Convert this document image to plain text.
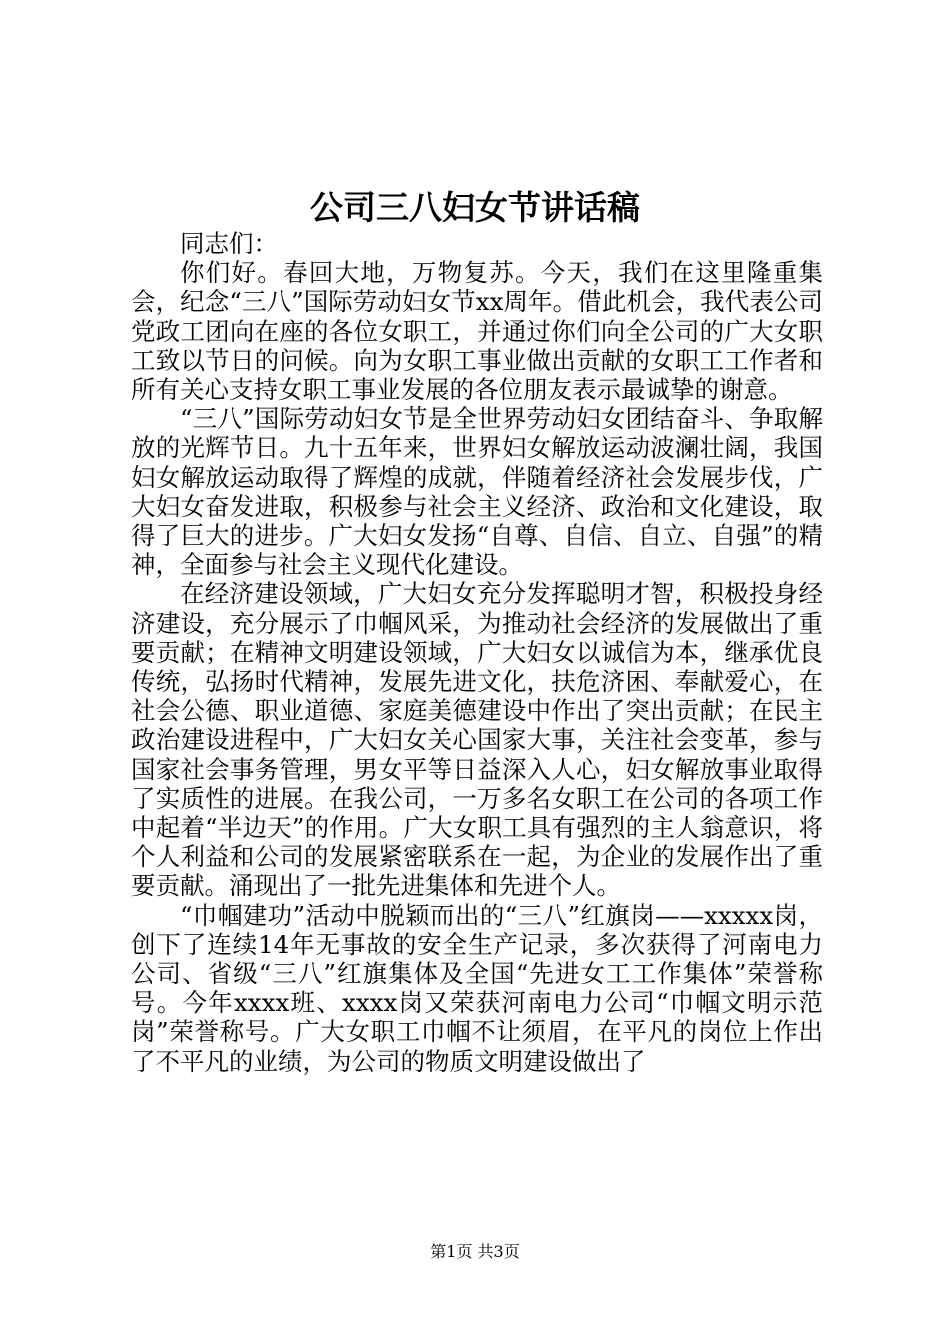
公司三八妇女节讲话稿

同志们：

你们好。春回大地，万物复苏。今天，我们在这里隆重集会，纪念“三八”国际劳动妇女节xx周年。借此机会，我代表公司党政工团向在座的各位女职工，并通过你们向全公司的广大女职工致以节日的问候。向为女职工事业做出贡献的女职工工作者和所有关心支持女职工事业发展的各位朋友表示最诚挚的谢意。

“三八”国际劳动妇女节是全世界劳动妇女团结奋斗、争取解放的光辉节日。九十五年来，世界妇女解放运动波澜壮阔，我国妇女解放运动取得了辉煌的成就，伴随着经济社会发展步伐，广大妇女奋发进取，积极参与社会主义经济、政治和文化建设，取得了巨大的进步。广大妇女发扬“自尊、自信、自立、自强”的精神，全面参与社会主义现代化建设。

在经济建设领域，广大妇女充分发挥聪明才智，积极投身经济建设，充分展示了巾帼风采，为推动社会经济的发展做出了重要贡献；在精神文明建设领域，广大妇女以诚信为本，继承优良传统，弘扬时代精神，发展先进文化，扶危济困、奉献爱心，在社会公德、职业道德、家庭美德建设中作出了突出贡献；在民主政治建设进程中，广大妇女关心国家大事，关注社会变革，参与国家社会事务管理，男女平等日益深入人心，妇女解放事业取得了实质性的进展。在我公司，一万多名女职工在公司的各项工作中起着“半边天”的作用。广大女职工具有强烈的主人翁意识，将个人利益和公司的发展紧密联系在一起，为企业的发展作出了重要贡献。涌现出了一批先进集体和先进个人。

“巾帼建功”活动中脱颖而出的“三八”红旗岗——xxxxx岗，创下了连续14年无事故的安全生产记录，多次获得了河南电力公司、省级“三八”红旗集体及全国“先进女工工作集体”荣誉称号。今年xxxx班、xxxx岗又荣获河南电力公司“巾帼文明示范岗”荣誉称号。广大女职工巾帼不让须眉，在平凡的岗位上作出了不平凡的业绩，为公司的物质文明建设做出了

第1页 共3页
